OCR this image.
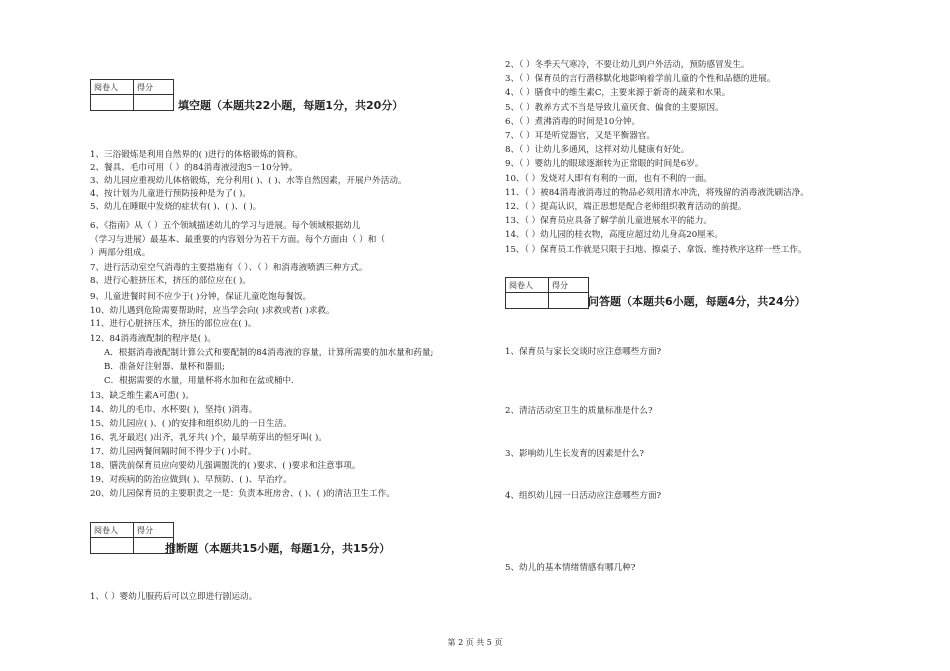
阅卷人	得分

填空题（本题共22小题，每题1分，共20分）
1、三浴锻炼是利用自然界的( )进行的体格锻炼的简称。
2、餐具、毛巾可用（ ）的84消毒液浸泡5－10分钟。
3、幼儿园应重视幼儿体格锻炼，充分利用( )、( )、水等自然因素，开展户外活动。
4、按计划为儿童进行预防接种是为了( )。
5、幼儿在睡眠中发烧的症状有( )、( )、( )。
6、《指南》从（ ）五个领域描述幼儿的学习与进展。每个领域根据幼儿
（学习与进展）最基本、最重要的内容划分为若干方面。每个方面由（ ）和（
）两部分组成。
7、进行活动室空气消毒的主要措施有（ ）、（ ）和消毒液喷洒三种方式。
8、进行心脏挤压术，挤压的部位应在( )。
9、儿童进餐时间不应少于( )分钟，保证儿童吃饱每餐饭。
10、幼儿遇到危险需要帮助时，应当学会向( )求救或者( )求救。
11、进行心脏挤压术，挤压的部位应在( )。
12、84消毒液配制的程序是( )。
A．根据消毒液配制计算公式和要配制的84消毒液的容量，计算所需要的加水量和药量;
B．准备好注射器、量杯和器皿;
C．根据需要的水量，用量杯将水加和在盆或桶中.
13、缺乏维生素A可患( )。
14、幼儿的毛巾、水杯要( )，坚持( )消毒。
15、幼儿园应( )、( )的安排和组织幼儿的一日生活。
16、乳牙最迟( )出齐，乳牙共( )个，最早萌芽出的恒牙叫( )。
17、幼儿园两餐间隔时间不得少于( )小时。
18、膳洗前保育员应向要幼儿强调盥洗的( )要求、( )要求和注意事项。
19、对疾病的防治应做到( )、早预防、( )、早治疗。
20、幼儿园保育员的主要职责之一是：负责本班房舍、( )、( )的清洁卫生工作。
阅卷人	得分

推断题（本题共15小题，每题1分，共15分）
1、（ ）婴幼儿服药后可以立即进行剧运动。
2、（ ）冬季天气寒冷，不要让幼儿到户外活动，预防感冒发生。
3、（ ）保育员的言行潜移默化地影响着学前儿童的个性和品德的进展。
4、（ ）膳食中的维生素C，主要来源于新奇的蔬菜和水果。
5、（ ）教养方式不当是导致儿童厌食、偏食的主要原因。
6、（ ）煮沸消毒的时间是10分钟。
7、（ ）耳是听觉器官，又是平衡器官。
8、（ ）让幼儿多通风，这样对幼儿健康有好处。
9、（ ）婴幼儿的眼球逐渐转为正常眼的时间是6岁。
10、（ ）发烧对人即有有利的一面，也有不利的一面。
11、（ ）被84消毒液消毒过的物品必须用清水冲洗，将残留的消毒液洗刷洁净。
12、（ ）提高认识，端正思想是配合老师组织教育活动的前提。
13、（ ）保育员应具备了解学前儿童进展水平的能力。
14、（ ）幼儿园的桂衣物，高度应超过幼儿身高20厘米。
15、（ ）保育员工作就是只限于扫地、擦桌子、拿饭、维持秩序这样一些工作。
阅卷人	得分

问答题（本题共6小题，每题4分，共24分）
1、保育员与家长交谈时应注意哪些方面?
2、清洁活动室卫生的质量标准是什么?
3、影响幼儿生长发育的因素是什么?
4、组织幼儿园一日活动应注意哪些方面?
5、幼儿的基本情绪情感有哪几种?
第 2 页 共 5 页
